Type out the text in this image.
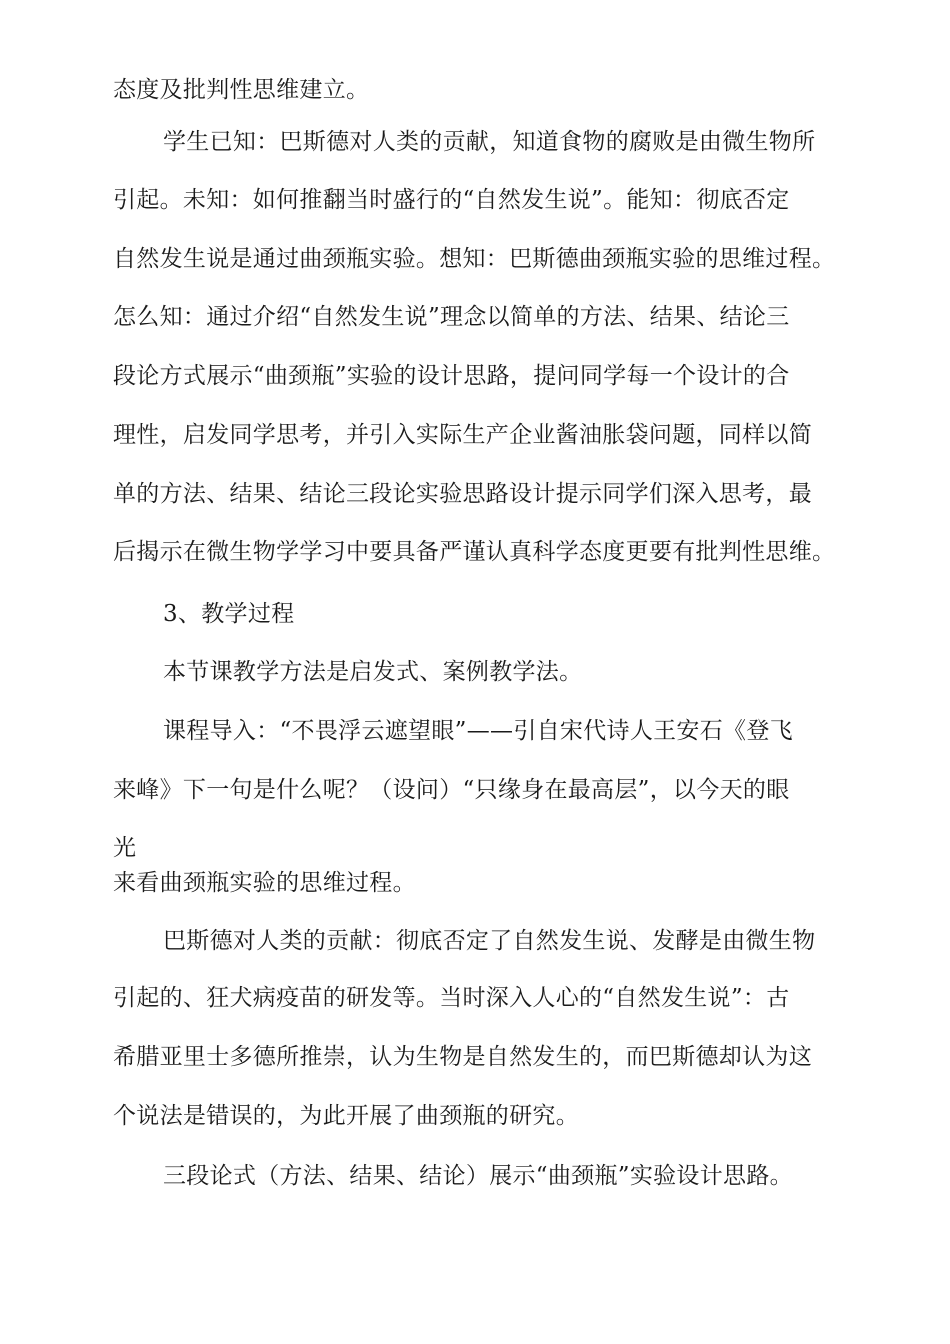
态度及批判性思维建立。
学生已知：巴斯德对人类的贡献，知道食物的腐败是由微生物所
引起。未知：如何推翻当时盛行的“自然发生说”。能知：彻底否定
自然发生说是通过曲颈瓶实验。想知：巴斯德曲颈瓶实验的思维过程。
怎么知：通过介绍“自然发生说”理念以简单的方法、结果、结论三
段论方式展示“曲颈瓶”实验的设计思路，提问同学每一个设计的合
理性，启发同学思考，并引入实际生产企业酱油胀袋问题，同样以简
单的方法、结果、结论三段论实验思路设计提示同学们深入思考，最
后揭示在微生物学学习中要具备严谨认真科学态度更要有批判性思维。
3、教学过程
本节课教学方法是启发式、案例教学法。
课程导入：“不畏浮云遮望眼”——引自宋代诗人王安石《登飞
来峰》下一句是什么呢？（设问）“只缘身在最高层”，以今天的眼
光
来看曲颈瓶实验的思维过程。
巴斯德对人类的贡献：彻底否定了自然发生说、发酵是由微生物
引起的、狂犬病疫苗的研发等。当时深入人心的“自然发生说”：古
希腊亚里士多德所推崇，认为生物是自然发生的，而巴斯德却认为这
个说法是错误的，为此开展了曲颈瓶的研究。
三段论式（方法、结果、结论）展示“曲颈瓶”实验设计思路。
